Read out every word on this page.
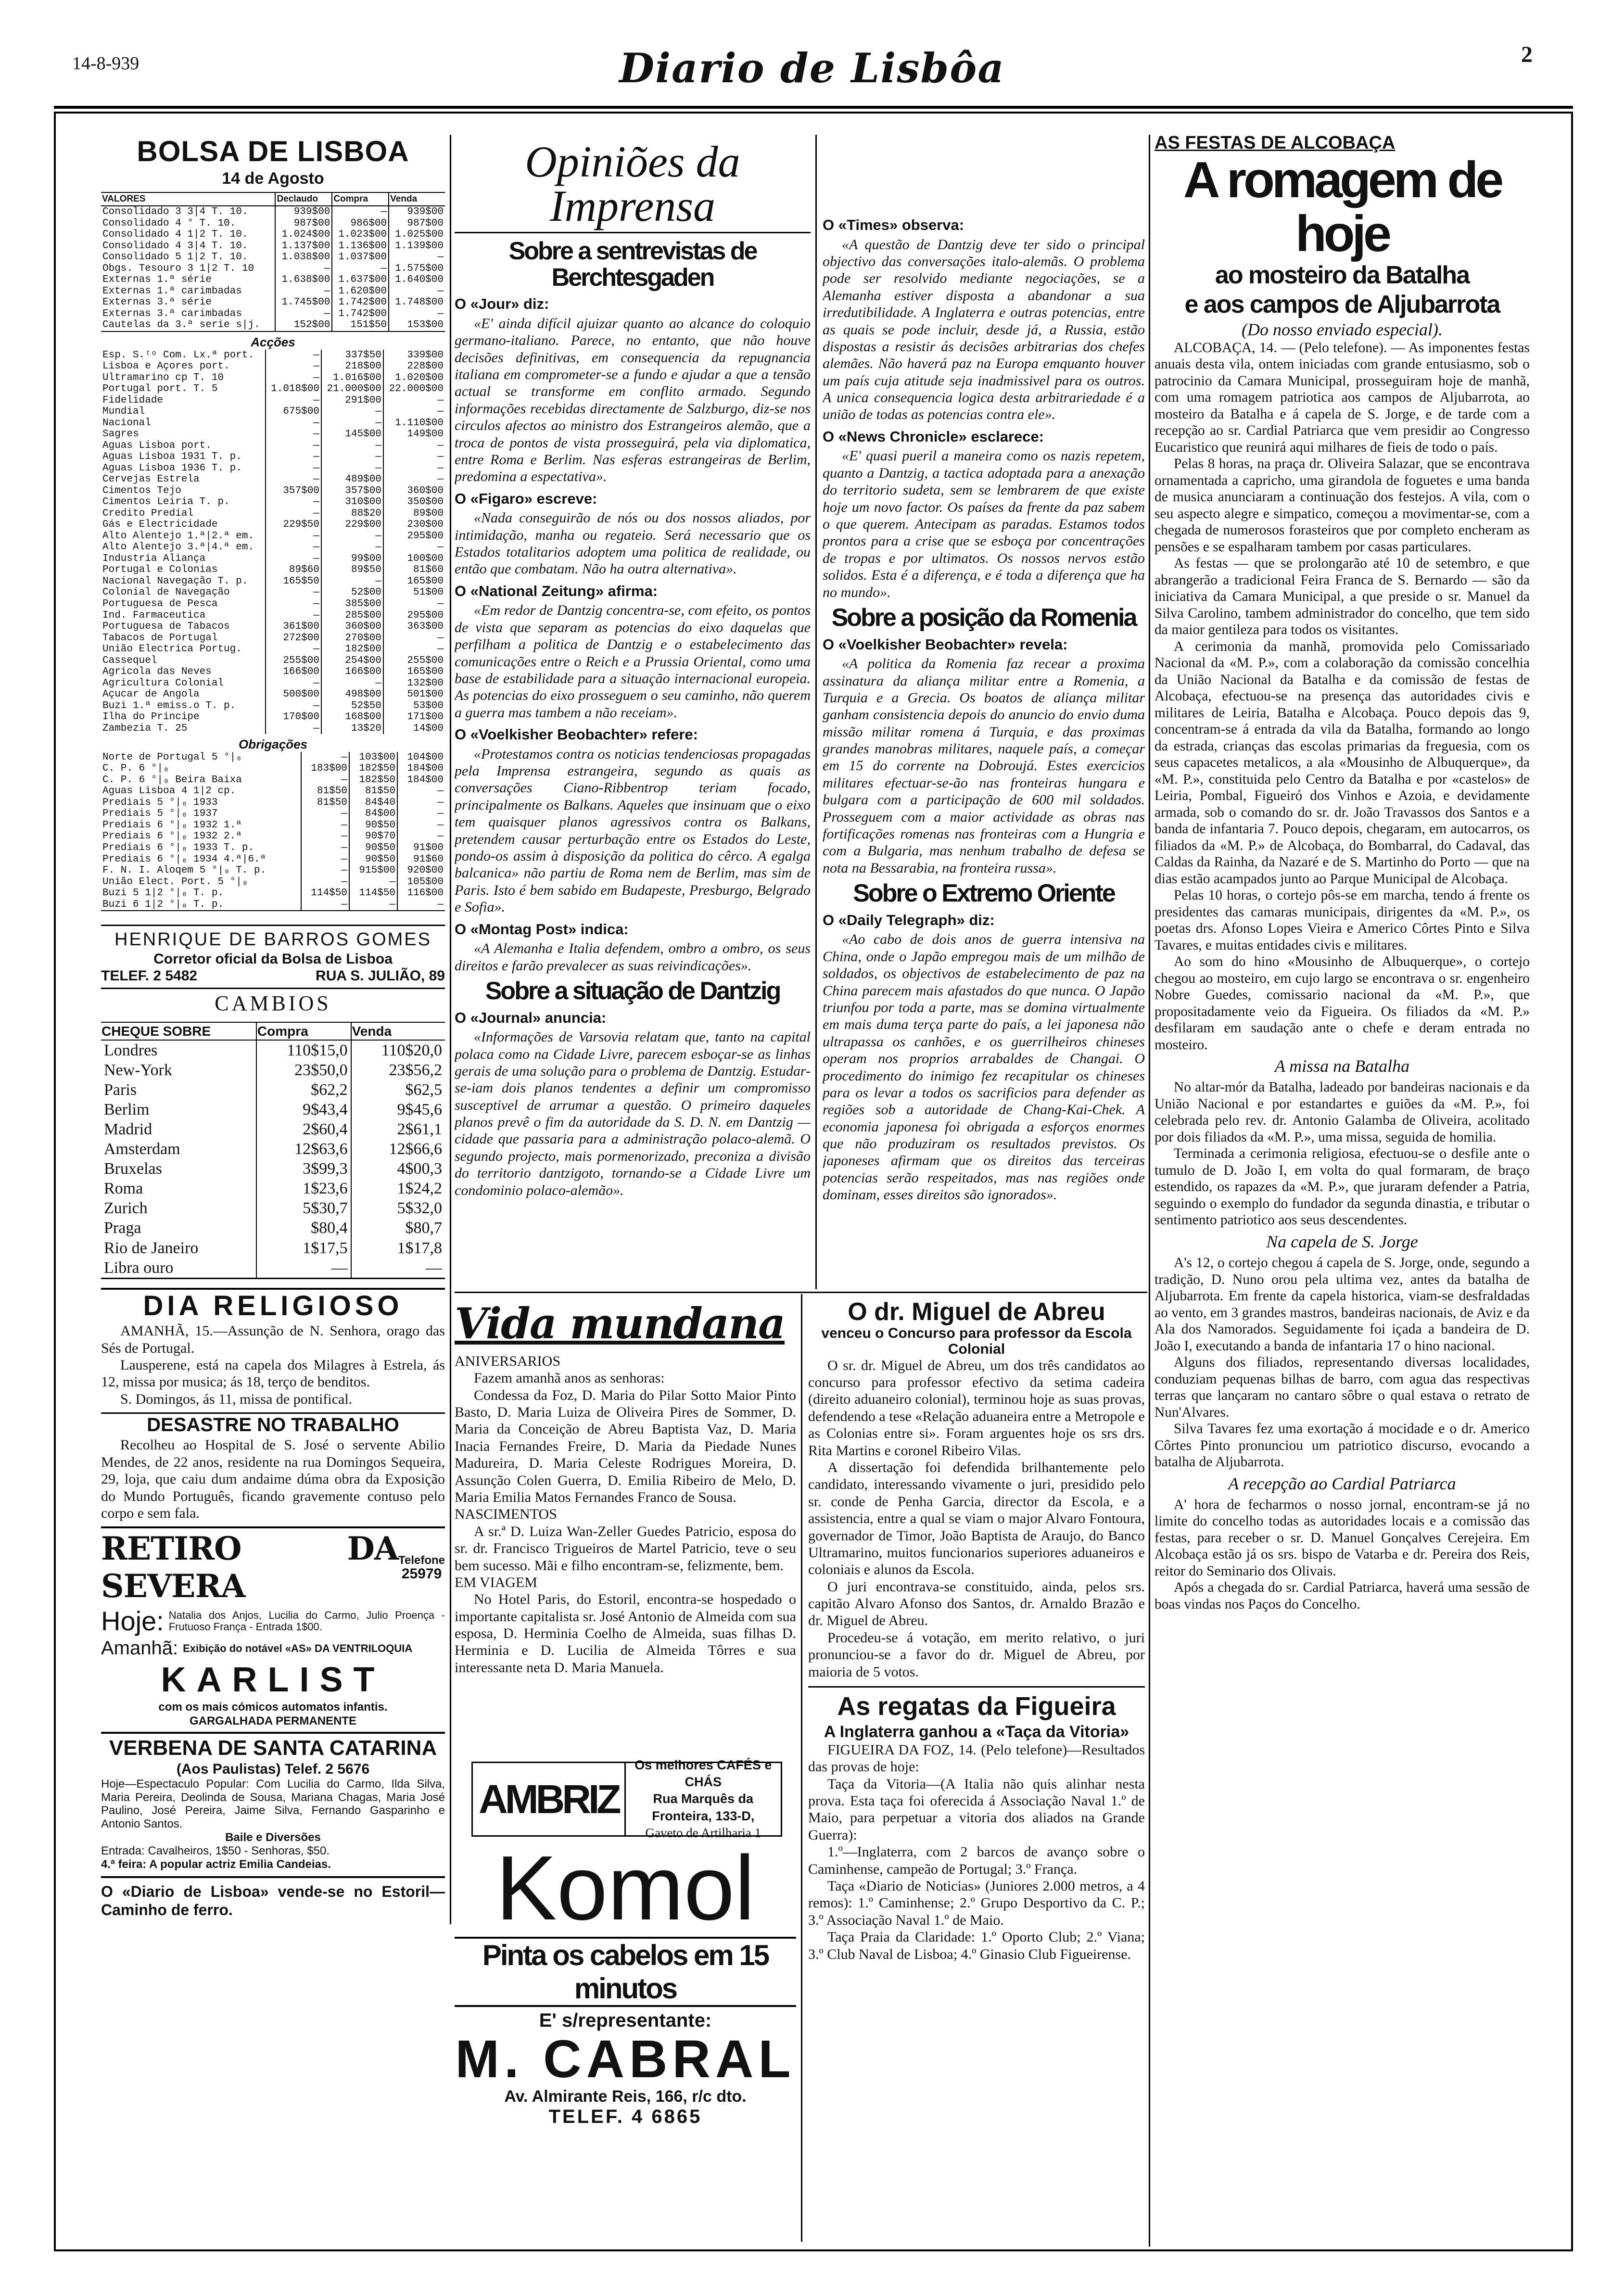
14-8-939	Diario de Lisbôa	2
BOLSA DE LISBOA
14 de Agosto
VALORES	Declaudo	Compra	Venda
Consolidado 3 3|4 T. 10.	939$00	—	939$00
Consolidado 4 ° T. 10.	987$00	986$00	987$00
Consolidado 4 1|2 T. 10.	1.024$00	1.023$00	1.025$00
Consolidado 4 3|4 T. 10.	1.137$00	1.136$00	1.139$00
Consolidado 5 1|2 T. 10.	1.038$00	1.037$00	—
Obgs. Tesouro 3 1|2 T. 10	—	—	1.575$00
Externas 1.ª série	1.638$00	1.637$00	1.640$00
Externas 1.ª carimbadas	—	1.620$00	—
Externas 3.ª série	1.745$00	1.742$00	1.748$00
Externas 3.ª carimbadas	—	1.742$00	—
Cautelas da 3.ª serie s|j.	152$00	151$50	153$00
Acções
Esp. S.ᵗᵒ Com. Lx.ª port.	—	337$50	339$00
Lisboa e Açores port.	—	218$00	228$00
Ultramarino cp T. 10	—	1.016$00	1.020$00
Portugal port. T. 5	1.018$00	21.000$00	22.000$00
Fidelidade	—	291$00	—
Mundial	675$00	—	—
Nacional	—	—	1.110$00
Sagres	—	145$00	149$00
Aguas Lisboa port.	—	—	—
Aguas Lisboa 1931 T. p.	—	—	—
Aguas Lisboa 1936 T. p.	—	—	—
Cervejas Estrela	—	489$00	—
Cimentos Tejo	357$00	357$00	360$00
Cimentos Leiria T. p.	—	310$00	350$00
Credito Predial	—	88$20	89$00
Gás e Electricidade	229$50	229$00	230$00
Alto Alentejo 1.ª|2.ª em.	—	—	295$00
Alto Alentejo 3.ª|4.ª em.	—	—	—
Industria Aliança	—	99$00	100$00
Portugal e Colonias	89$60	89$50	81$60
Nacional Navegação T. p.	165$50	—	165$00
Colonial de Navegação	—	52$00	51$00
Portuguesa de Pesca	—	385$00	—
Ind. Farmaceutica	—	285$00	295$00
Portuguesa de Tabacos	361$00	360$00	363$00
Tabacos de Portugal	272$00	270$00	—
União Electrica Portug.	—	182$00	—
Cassequel	255$00	254$00	255$00
Agricola das Neves	166$00	166$00	165$00
Agricultura Colonial	—	—	132$00
Açucar de Angola	500$00	498$00	501$00
Buzi 1.ª emiss.o T. p.	—	52$50	53$00
Ilha do Principe	170$00	168$00	171$00
Zambezia T. 25	—	13$20	14$00
Obrigações
Norte de Portugal 5 °|₀	—	103$00	104$00
C. P. 6 °|₀	183$00	182$50	184$00
C. P. 6 °|₀ Beira Baixa	—	182$50	184$00
Aguas Lisboa 4 1|2 cp.	81$50	81$50	—
Prediais 5 °|₀ 1933	81$50	84$40	—
Prediais 5 °|₀ 1937	—	84$00	—
Prediais 6 °|₀ 1932 1.ª	—	90$50	—
Prediais 6 °|₀ 1932 2.ª	—	90$70	—
Prediais 6 °|₀ 1933 T. p.	—	90$50	91$00
Prediais 6 °|₀ 1934 4.ª|6.ª	—	90$50	91$60
F. N. I. Aloqem 5 °|₀ T. p.	—	915$00	920$00
União Elect. Port. 5 °|₀	—	—	105$00
Buzi 5 1|2 °|₀ T. p.	114$50	114$50	116$00
Buzi 6 1|2 °|₀ T. p.	—	—	—
HENRIQUE DE BARROS GOMES
Corretor oficial da Bolsa de Lisboa
TELEF. 2 5482	RUA S. JULIÃO, 89
CAMBIOS
CHEQUE SOBRE	Compra	Venda
Londres	110$15,0	110$20,0
New-York	23$50,0	23$56,2
Paris	$62,2	$62,5
Berlim	9$43,4	9$45,6
Madrid	2$60,4	2$61,1
Amsterdam	12$63,6	12$66,6
Bruxelas	3$99,3	4$00,3
Roma	1$23,6	1$24,2
Zurich	5$30,7	5$32,0
Praga	$80,4	$80,7
Rio de Janeiro	1$17,5	1$17,8
Libra ouro	—	—
DIA RELIGIOSO

AMANHÃ, 15.—Assunção de N. Senhora, orago das Sés de Portugal.

Lausperene, está na capela dos Milagres à Estrela, ás 12, missa por musica; ás 18, terço de benditos.

S. Domingos, ás 11, missa de pontifical.

DESASTRE NO TRABALHO

Recolheu ao Hospital de S. José o servente Abilio Mendes, de 22 anos, residente na rua Domingos Sequeira, 29, loja, que caiu dum andaime dúma obra da Exposição do Mundo Português, ficando gravemente contuso pelo corpo e sem fala.

RETIRO DA SEVERA
Telefone
25979
Hoje: Natalia dos Anjos, Lucilia do Carmo, Julio Proença - Frutuoso França - Entrada 1$00.
Amanhã: Exibição do notável «AS» DA VENTRILOQUIA
KARLIST
com os mais cómicos automatos infantis.
GARGALHADA PERMANENTE
VERBENA DE SANTA CATARINA
(Aos Paulistas) Telef. 2 5676
Hoje—Espectaculo Popular: Com Lucilia do Carmo, Ilda Silva, Maria Pereira, Deolinda de Sousa, Mariana Chagas, Maria José Paulino, José Pereira, Jaime Silva, Fernando Gasparinho e Antonio Santos.
Baile e Diversões
Entrada: Cavalheiros, 1$50 - Senhoras, $50.
4.ª feira: A popular actriz Emilia Candeias.
O «Diario de Lisboa» vende-se no Estoril—Caminho de ferro.
Opiniões da Imprensa
Sobre a sentrevistas de Berchtesgaden
O «Jour» diz:

«E' ainda difícil ajuizar quanto ao alcance do coloquio germano-italiano. Parece, no entanto, que não houve decisões definitivas, em consequencia da repugnancia italiana em comprometer-se a fundo e ajudar a que a tensão actual se transforme em conflito armado. Segundo informações recebidas directamente de Salzburgo, diz-se nos circulos afectos ao ministro dos Estrangeiros alemão, que a troca de pontos de vista prosseguirá, pela via diplomatica, entre Roma e Berlim. Nas esferas estrangeiras de Berlim, predomina a espectativa».

O «Figaro» escreve:

«Nada conseguirão de nós ou dos nossos aliados, por intimidação, manha ou regateio. Será necessario que os Estados totalitarios adoptem uma politica de realidade, ou então que combatam. Não ha outra alternativa».

O «National Zeitung» afirma:

«Em redor de Dantzig concentra-se, com efeito, os pontos de vista que separam as potencias do eixo daquelas que perfilham a politica de Dantzig e o estabelecimento das comunicações entre o Reich e a Prussia Oriental, como uma base de estabilidade para a situação internacional europeia. As potencias do eixo prosseguem o seu caminho, não querem a guerra mas tambem a não receiam».

O «Voelkisher Beobachter» refere:

«Protestamos contra os noticias tendenciosas propagadas pela Imprensa estrangeira, segundo as quais as conversações Ciano-Ribbentrop teriam focado, principalmente os Balkans. Aqueles que insinuam que o eixo tem quaisquer planos agressivos contra os Balkans, pretendem causar perturbação entre os Estados do Leste, pondo-os assim à disposição da politica do cêrco. A egalga balcanica» não partiu de Roma nem de Berlim, mas sim de Paris. Isto é bem sabido em Budapeste, Presburgo, Belgrado e Sofia».

O «Montag Post» indica:

«A Alemanha e Italia defendem, ombro a ombro, os seus direitos e farão prevalecer as suas reivindicações».

Sobre a situação de Dantzig
O «Journal» anuncia:

«Informações de Varsovia relatam que, tanto na capital polaca como na Cidade Livre, parecem esboçar-se as linhas gerais de uma solução para o problema de Dantzig. Estudar-se-iam dois planos tendentes a definir um compromisso susceptivel de arrumar a questão. O primeiro daqueles planos prevê o fim da autoridade da S. D. N. em Dantzig — cidade que passaria para a administração polaco-alemã. O segundo projecto, mais pormenorizado, preconiza a divisão do territorio dantzigoto, tornando-se a Cidade Livre um condominio polaco-alemão».

O «Times» observa:

«A questão de Dantzig deve ter sido o principal objectivo das conversações italo-alemãs. O problema pode ser resolvido mediante negociações, se a Alemanha estiver disposta a abandonar a sua irredutibilidade. A Inglaterra e outras potencias, entre as quais se pode incluir, desde já, a Russia, estão dispostas a resistir ás decisões arbitrarias dos chefes alemães. Não haverá paz na Europa emquanto houver um país cuja atitude seja inadmissivel para os outros. A unica consequencia logica desta arbitrariedade é a união de todas as potencias contra ele».

O «News Chronicle» esclarece:

«E' quasi pueril a maneira como os nazis repetem, quanto a Dantzig, a tactica adoptada para a anexação do territorio sudeta, sem se lembrarem de que existe hoje um novo factor. Os países da frente da paz sabem o que querem. Antecipam as paradas. Estamos todos prontos para a crise que se esboça por concentrações de tropas e por ultimatos. Os nossos nervos estão solidos. Esta é a diferença, e é toda a diferença que ha no mundo».

Sobre a posição da Romenia
O «Voelkisher Beobachter» revela:

«A politica da Romenia faz recear a proxima assinatura da aliança militar entre a Romenia, a Turquia e a Grecia. Os boatos de aliança militar ganham consistencia depois do anuncio do envio duma missão militar romena á Turquia, e das proximas grandes manobras militares, naquele país, a começar em 15 do corrente na Dobroujá. Estes exercicios militares efectuar-se-ão nas fronteiras hungara e bulgara com a participação de 600 mil soldados. Prosseguem com a maior actividade as obras nas fortificações romenas nas fronteiras com a Hungria e com a Bulgaria, mas nenhum trabalho de defesa se nota na Bessarabia, na fronteira russa».

Sobre o Extremo Oriente
O «Daily Telegraph» diz:

«Ao cabo de dois anos de guerra intensiva na China, onde o Japão empregou mais de um milhão de soldados, os objectivos de estabelecimento de paz na China parecem mais afastados do que nunca. O Japão triunfou por toda a parte, mas se domina virtualmente em mais duma terça parte do país, a lei japonesa não ultrapassa os canhões, e os guerrilheiros chineses operam nos proprios arrabaldes de Changai. O procedimento do inimigo fez recapitular os chineses para os levar a todos os sacrificios para defender as regiões sob a autoridade de Chang-Kai-Chek. A economia japonesa foi obrigada a esforços enormes que não produziram os resultados previstos. Os japoneses afirmam que os direitos das terceiras potencias serão respeitados, mas nas regiões onde dominam, esses direitos são ignorados».

Vida mundana
ANIVERSARIOS

Fazem amanhã anos as senhoras:

Condessa da Foz, D. Maria do Pilar Sotto Maior Pinto Basto, D. Maria Luiza de Oliveira Pires de Sommer, D. Maria da Conceição de Abreu Baptista Vaz, D. Maria Inacia Fernandes Freire, D. Maria da Piedade Nunes Madureira, D. Maria Celeste Rodrigues Moreira, D. Assunção Colen Guerra, D. Emilia Ribeiro de Melo, D. Maria Emilia Matos Fernandes Franco de Sousa.

NASCIMENTOS

A sr.ª D. Luiza Wan-Zeller Guedes Patricio, esposa do sr. dr. Francisco Trigueiros de Martel Patricio, teve o seu bem sucesso. Mãi e filho encontram-se, felizmente, bem.

EM VIAGEM

No Hotel Paris, do Estoril, encontra-se hospedado o importante capitalista sr. José Antonio de Almeida com sua esposa, D. Herminia Coelho de Almeida, suas filhas D. Herminia e D. Lucilia de Almeida Tôrres e sua interessante neta D. Maria Manuela.

AMBRIZ
Os melhores CAFÉS e CHÁS
Rua Marquês da Fronteira, 133-D,
Gaveto de Artilharia 1
Komol
Pinta os cabelos em 15 minutos
E' s/representante:
M. CABRAL
Av. Almirante Reis, 166, r/c dto.
TELEF. 4 6865
O dr. Miguel de Abreu
venceu o Concurso para professor da Escola Colonial

O sr. dr. Miguel de Abreu, um dos três candidatos ao concurso para professor efectivo da setima cadeira (direito aduaneiro colonial), terminou hoje as suas provas, defendendo a tese «Relação aduaneira entre a Metropole e as Colonias entre si». Foram arguentes hoje os srs drs. Rita Martins e coronel Ribeiro Vilas.

A dissertação foi defendida brilhantemente pelo candidato, interessando vivamente o juri, presidido pelo sr. conde de Penha Garcia, director da Escola, e a assistencia, entre a qual se viam o major Alvaro Fontoura, governador de Timor, João Baptista de Araujo, do Banco Ultramarino, muitos funcionarios superiores aduaneiros e coloniais e alunos da Escola.

O juri encontrava-se constituido, ainda, pelos srs. capitão Alvaro Afonso dos Santos, dr. Arnaldo Brazão e dr. Miguel de Abreu.

Procedeu-se á votação, em merito relativo, o juri pronunciou-se a favor do dr. Miguel de Abreu, por maioria de 5 votos.

As regatas da Figueira
A Inglaterra ganhou a «Taça da Vitoria»

FIGUEIRA DA FOZ, 14. (Pelo telefone)—Resultados das provas de hoje:

Taça da Vitoria—(A Italia não quis alinhar nesta prova. Esta taça foi oferecida á Associação Naval 1.º de Maio, para perpetuar a vitoria dos aliados na Grande Guerra):

1.º—Inglaterra, com 2 barcos de avanço sobre o Caminhense, campeão de Portugal; 3.º França.

Taça «Diario de Noticias» (Juniores 2.000 metros, a 4 remos): 1.º Caminhense; 2.º Grupo Desportivo da C. P.; 3.º Associação Naval 1.º de Maio.

Taça Praia da Claridade: 1.º Oporto Club; 2.º Viana; 3.º Club Naval de Lisboa; 4.º Ginasio Club Figueirense.

AS FESTAS DE ALCOBAÇA
A romagem de hoje
ao mosteiro da Batalha
e aos campos de Aljubarrota
(Do nosso enviado especial).

ALCOBAÇA, 14. — (Pelo telefone). — As imponentes festas anuais desta vila, ontem iniciadas com grande entusiasmo, sob o patrocinio da Camara Municipal, prosseguiram hoje de manhã, com uma romagem patriotica aos campos de Aljubarrota, ao mosteiro da Batalha e á capela de S. Jorge, e de tarde com a recepção ao sr. Cardial Patriarca que vem presidir ao Congresso Eucaristico que reunirá aqui milhares de fieis de todo o país.

Pelas 8 horas, na praça dr. Oliveira Salazar, que se encontrava ornamentada a capricho, uma girandola de foguetes e uma banda de musica anunciaram a continuação dos festejos. A vila, com o seu aspecto alegre e simpatico, começou a movimentar-se, com a chegada de numerosos forasteiros que por completo encheram as pensões e se espalharam tambem por casas particulares.

As festas — que se prolongarão até 10 de setembro, e que abrangerão a tradicional Feira Franca de S. Bernardo — são da iniciativa da Camara Municipal, a que preside o sr. Manuel da Silva Carolino, tambem administrador do concelho, que tem sido da maior gentileza para todos os visitantes.

A cerimonia da manhã, promovida pelo Comissariado Nacional da «M. P.», com a colaboração da comissão concelhia da União Nacional da Batalha e da comissão de festas de Alcobaça, efectuou-se na presença das autoridades civis e militares de Leiria, Batalha e Alcobaça. Pouco depois das 9, concentram-se á entrada da vila da Batalha, formando ao longo da estrada, crianças das escolas primarias da freguesia, com os seus capacetes metalicos, a ala «Mousinho de Albuquerque», da «M. P.», constituida pelo Centro da Batalha e por «castelos» de Leiria, Pombal, Figueiró dos Vinhos e Azoia, e devidamente armada, sob o comando do sr. dr. João Travassos dos Santos e a banda de infantaria 7. Pouco depois, chegaram, em autocarros, os filiados da «M. P.» de Alcobaça, do Bombarral, do Cadaval, das Caldas da Rainha, da Nazaré e de S. Martinho do Porto — que na dias estão acampados junto ao Parque Municipal de Alcobaça.

Pelas 10 horas, o cortejo pôs-se em marcha, tendo á frente os presidentes das camaras municipais, dirigentes da «M. P.», os poetas drs. Afonso Lopes Vieira e Americo Côrtes Pinto e Silva Tavares, e muitas entidades civis e militares.

Ao som do hino «Mousinho de Albuquerque», o cortejo chegou ao mosteiro, em cujo largo se encontrava o sr. engenheiro Nobre Guedes, comissario nacional da «M. P.», que propositadamente veio da Figueira. Os filiados da «M. P.» desfilaram em saudação ante o chefe e deram entrada no mosteiro.

A missa na Batalha

No altar-mór da Batalha, ladeado por bandeiras nacionais e da União Nacional e por estandartes e guiões da «M. P.», foi celebrada pelo rev. dr. Antonio Galamba de Oliveira, acolitado por dois filiados da «M. P.», uma missa, seguida de homilia.

Terminada a cerimonia religiosa, efectuou-se o desfile ante o tumulo de D. João I, em volta do qual formaram, de braço estendido, os rapazes da «M. P.», que juraram defender a Patria, seguindo o exemplo do fundador da segunda dinastia, e tributar o sentimento patriotico aos seus descendentes.

Na capela de S. Jorge

A's 12, o cortejo chegou á capela de S. Jorge, onde, segundo a tradição, D. Nuno orou pela ultima vez, antes da batalha de Aljubarrota. Em frente da capela historica, viam-se desfraldadas ao vento, em 3 grandes mastros, bandeiras nacionais, de Aviz e da Ala dos Namorados. Seguidamente foi içada a bandeira de D. João I, executando a banda de infantaria 17 o hino nacional.

Alguns dos filiados, representando diversas localidades, conduziam pequenas bilhas de barro, com agua das respectivas terras que lançaram no cantaro sôbre o qual estava o retrato de Nun'Alvares.

Silva Tavares fez uma exortação á mocidade e o dr. Americo Côrtes Pinto pronunciou um patriotico discurso, evocando a batalha de Aljubarrota.

A recepção ao Cardial Patriarca

A' hora de fecharmos o nosso jornal, encontram-se já no limite do concelho todas as autoridades locais e a comissão das festas, para receber o sr. D. Manuel Gonçalves Cerejeira. Em Alcobaça estão já os srs. bispo de Vatarba e dr. Pereira dos Reis, reitor do Seminario dos Olivais.

Após a chegada do sr. Cardial Patriarca, haverá uma sessão de boas vindas nos Paços do Concelho.
